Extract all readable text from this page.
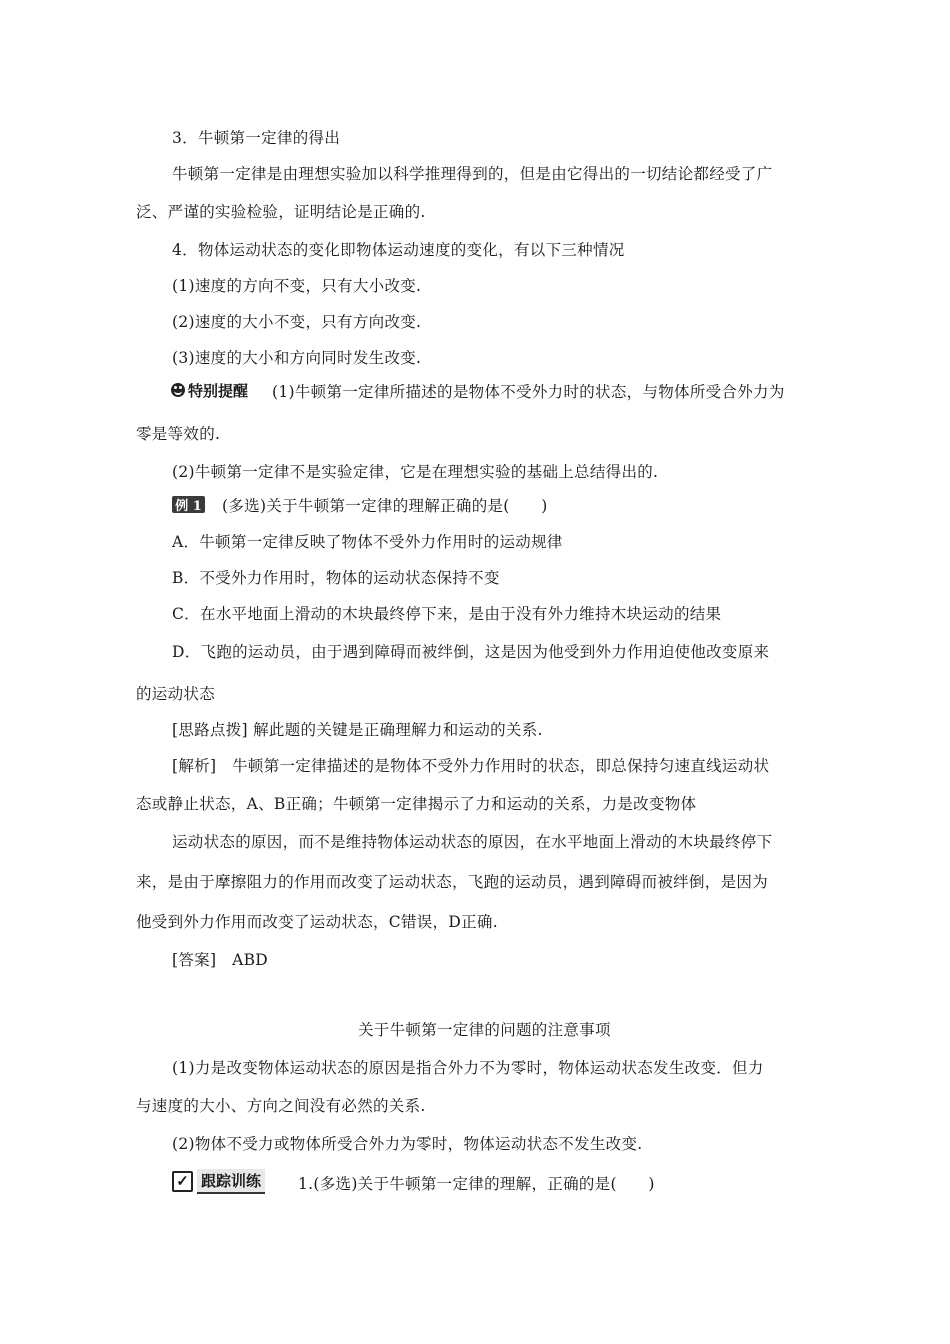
3．牛顿第一定律的得出
牛顿第一定律是由理想实验加以科学推理得到的，但是由它得出的一切结论都经受了广
泛、严谨的实验检验，证明结论是正确的.
4．物体运动状态的变化即物体运动速度的变化，有以下三种情况
(1)速度的方向不变，只有大小改变.
(2)速度的大小不变，只有方向改变.
(3)速度的大小和方向同时发生改变.
特别提醒 (1)牛顿第一定律所描述的是物体不受外力时的状态，与物体所受合外力为
零是等效的.
(2)牛顿第一定律不是实验定律，它是在理想实验的基础上总结得出的.
例 1 (多选)关于牛顿第一定律的理解正确的是(　　)
A．牛顿第一定律反映了物体不受外力作用时的运动规律
B．不受外力作用时，物体的运动状态保持不变
C．在水平地面上滑动的木块最终停下来，是由于没有外力维持木块运动的结果
D．飞跑的运动员，由于遇到障碍而被绊倒，这是因为他受到外力作用迫使他改变原来
的运动状态
[思路点拨] 解此题的关键是正确理解力和运动的关系.
[解析]　牛顿第一定律描述的是物体不受外力作用时的状态，即总保持匀速直线运动状
态或静止状态，A、B正确；牛顿第一定律揭示了力和运动的关系，力是改变物体
运动状态的原因，而不是维持物体运动状态的原因，在水平地面上滑动的木块最终停下
来，是由于摩擦阻力的作用而改变了运动状态，飞跑的运动员，遇到障碍而被绊倒，是因为
他受到外力作用而改变了运动状态，C错误，D正确.
[答案]　ABD
关于牛顿第一定律的问题的注意事项
(1)力是改变物体运动状态的原因是指合外力不为零时，物体运动状态发生改变．但力
与速度的大小、方向之间没有必然的关系.
(2)物体不受力或物体所受合外力为零时，物体运动状态不发生改变.
✓ 跟踪训练 1.(多选)关于牛顿第一定律的理解，正确的是(　　)
